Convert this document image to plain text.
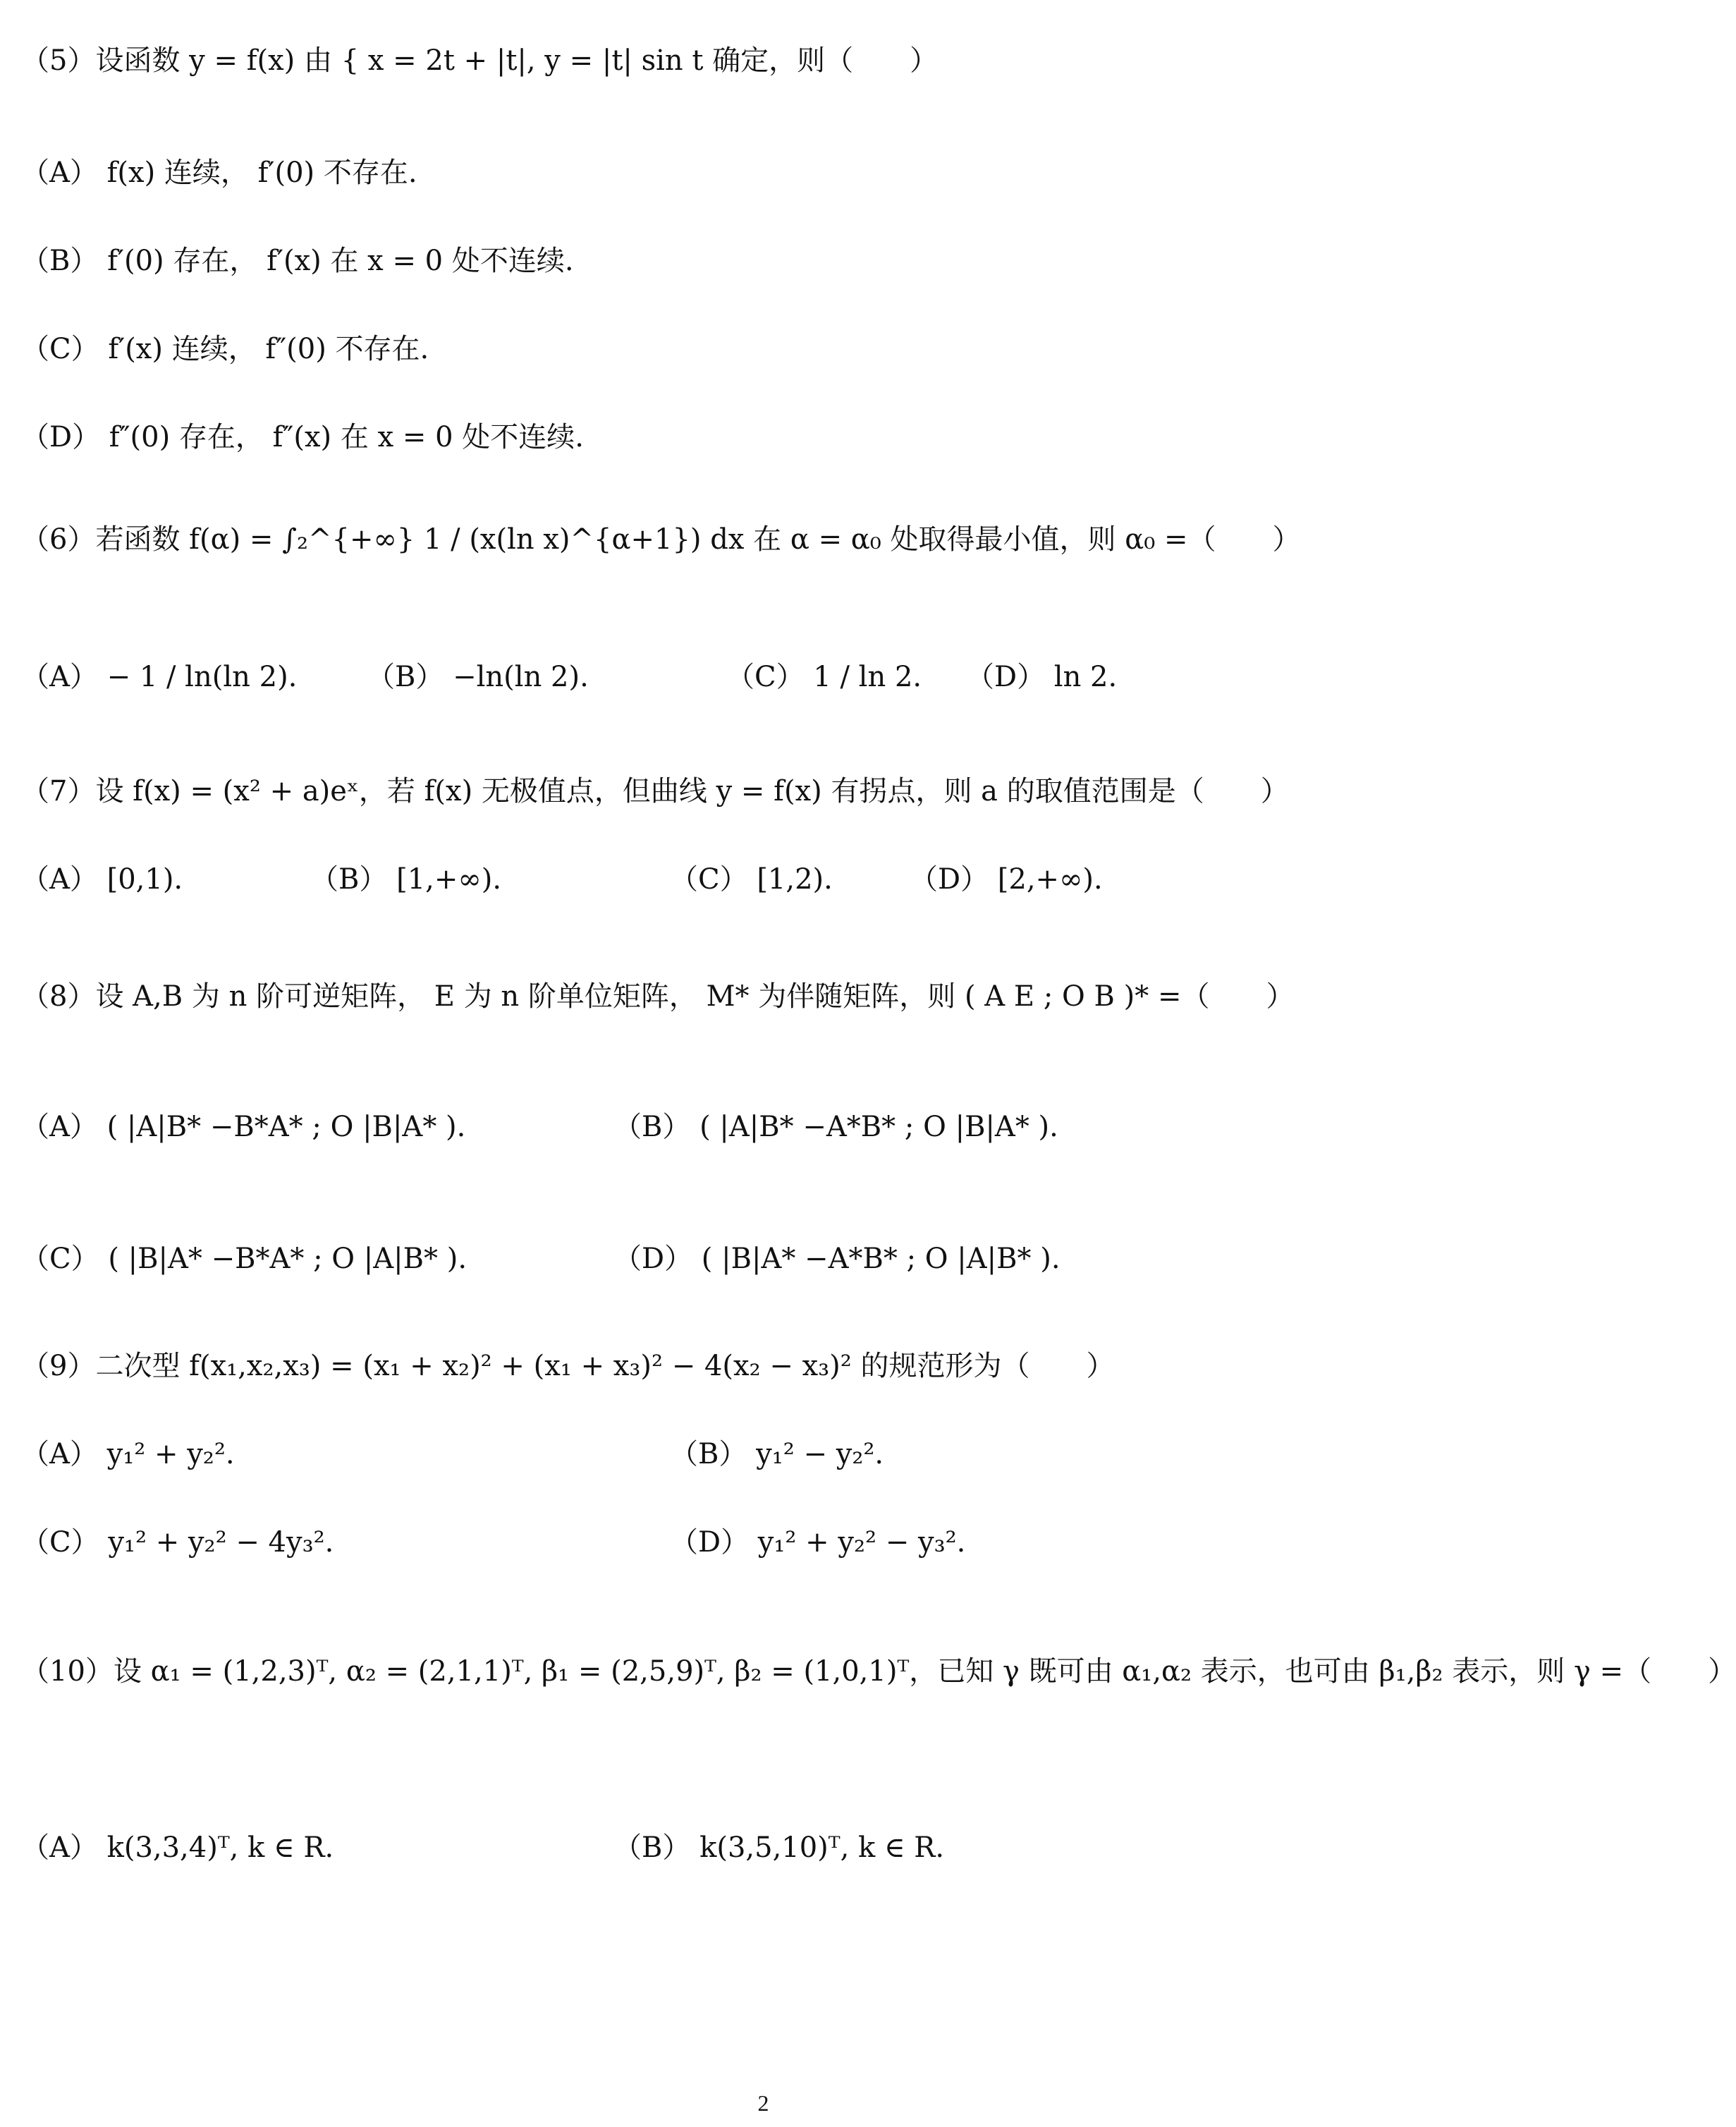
（5）设函数 y = f(x) 由 { x = 2t + |t|, y = |t| sin t 确定，则（　　）
（A） f(x) 连续， f′(0) 不存在.
（B） f′(0) 存在， f′(x) 在 x = 0 处不连续.
（C） f′(x) 连续， f″(0) 不存在.
（D） f″(0) 存在， f″(x) 在 x = 0 处不连续.
（6）若函数 f(α) = ∫₂^{+∞} 1 / (x(ln x)^{α+1}) dx 在 α = α₀ 处取得最小值，则 α₀ =（　　）
（A） − 1 / ln(ln 2). （B） −ln(ln 2).	（C） 1 / ln 2. （D） ln 2.
（7）设 f(x) = (x² + a)eˣ，若 f(x) 无极值点，但曲线 y = f(x) 有拐点，则 a 的取值范围是（　　）
（A） [0,1).	（B） [1,+∞).	（C） [1,2).	（D） [2,+∞).
（8）设 A,B 为 n 阶可逆矩阵， E 为 n 阶单位矩阵， M* 为伴随矩阵，则 ( A E ; O B )* =（　　）
（A） ( |A|B* −B*A* ; O |B|A* ).	（B） ( |A|B* −A*B* ; O |B|A* ).
（C） ( |B|A* −B*A* ; O |A|B* ).	（D） ( |B|A* −A*B* ; O |A|B* ).
（9）二次型 f(x₁,x₂,x₃) = (x₁ + x₂)² + (x₁ + x₃)² − 4(x₂ − x₃)² 的规范形为（　　）
（A） y₁² + y₂².	（B） y₁² − y₂².
（C） y₁² + y₂² − 4y₃².	（D） y₁² + y₂² − y₃².
（10）设 α₁ = (1,2,3)ᵀ, α₂ = (2,1,1)ᵀ, β₁ = (2,5,9)ᵀ, β₂ = (1,0,1)ᵀ，已知 γ 既可由 α₁,α₂ 表示，也可由 β₁,β₂ 表示，则 γ =（　　）
（A） k(3,3,4)ᵀ, k ∈ R.	（B） k(3,5,10)ᵀ, k ∈ R.
2
